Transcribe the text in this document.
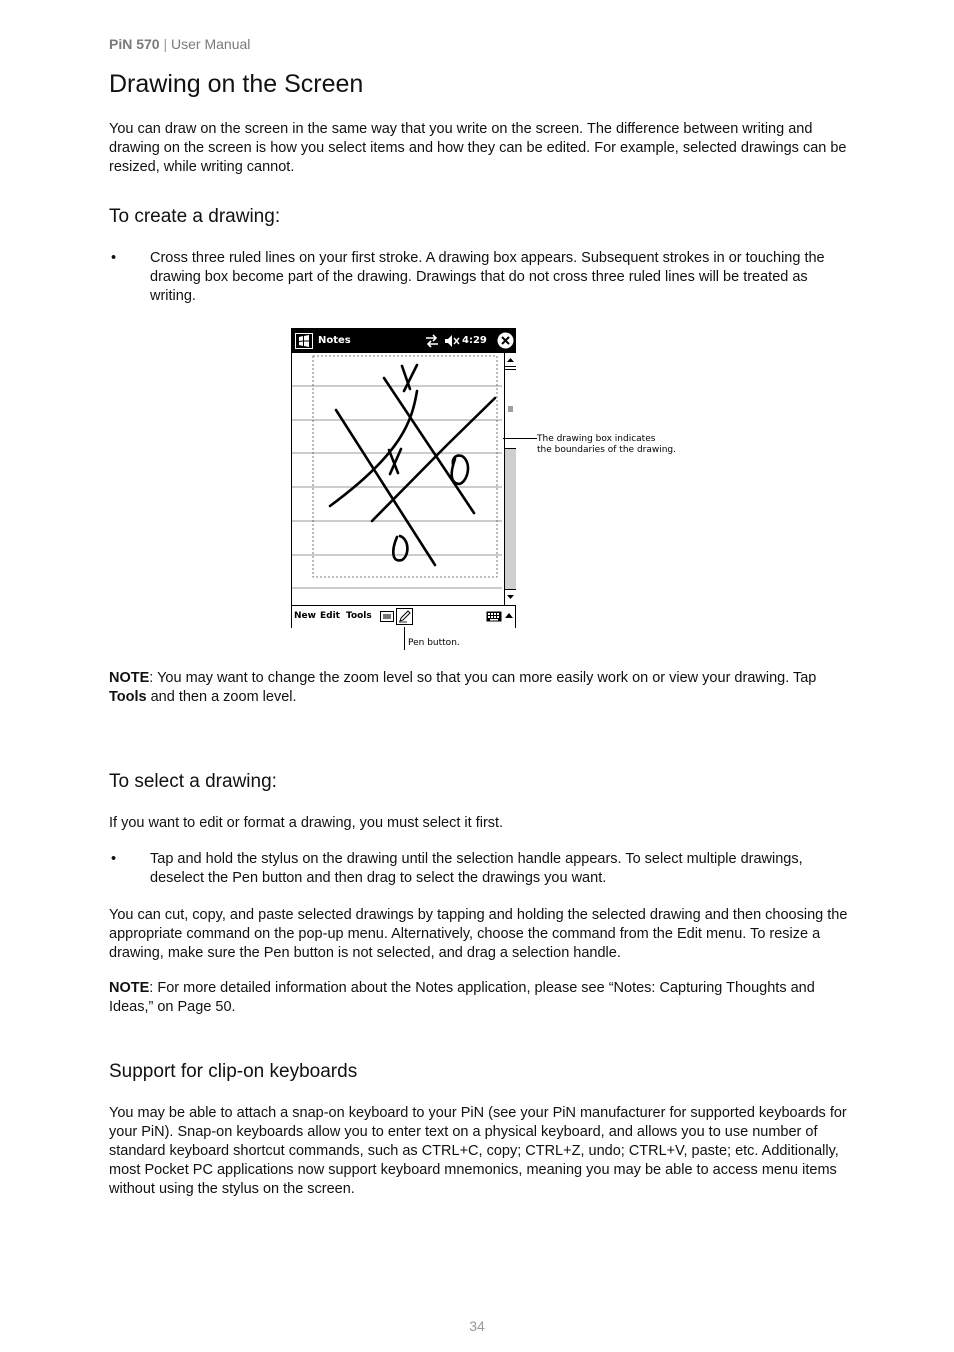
PiN 570 | User Manual
Drawing on the Screen

You can draw on the screen in the same way that you write on the screen. The difference between writing and drawing on the screen is how you select items and how they can be edited. For example, selected drawings can be resized, while writing cannot.

To create a drawing:
• Cross three ruled lines on your first stroke. A drawing box appears. Subsequent strokes in or touching the drawing box become part of the drawing. Drawings that do not cross three ruled lines will be treated as writing.
Notes	4:29
New Edit Tools
The drawing box indicates
the boundaries of the drawing.
Pen button.

NOTE: You may want to change the zoom level so that you can more easily work on or view your drawing. Tap Tools and then a zoom level.

To select a drawing:

If you want to edit or format a drawing, you must select it first.

• Tap and hold the stylus on the drawing until the selection handle appears. To select multiple drawings, deselect the Pen button and then drag to select the drawings you want.

You can cut, copy, and paste selected drawings by tapping and holding the selected drawing and then choosing the appropriate command on the pop-up menu. Alternatively, choose the command from the Edit menu. To resize a drawing, make sure the Pen button is not selected, and drag a selection handle.

NOTE: For more detailed information about the Notes application, please see “Notes: Capturing Thoughts and Ideas,” on Page 50.

Support for clip-on keyboards

You may be able to attach a snap-on keyboard to your PiN (see your PiN manufacturer for supported keyboards for your PiN). Snap-on keyboards allow you to enter text on a physical keyboard, and allows you to use number of standard keyboard shortcut commands, such as CTRL+C, copy; CTRL+Z, undo; CTRL+V, paste; etc. Additionally, most Pocket PC applications now support keyboard mnemonics, meaning you may be able to access menu items without using the stylus on the screen.

34
